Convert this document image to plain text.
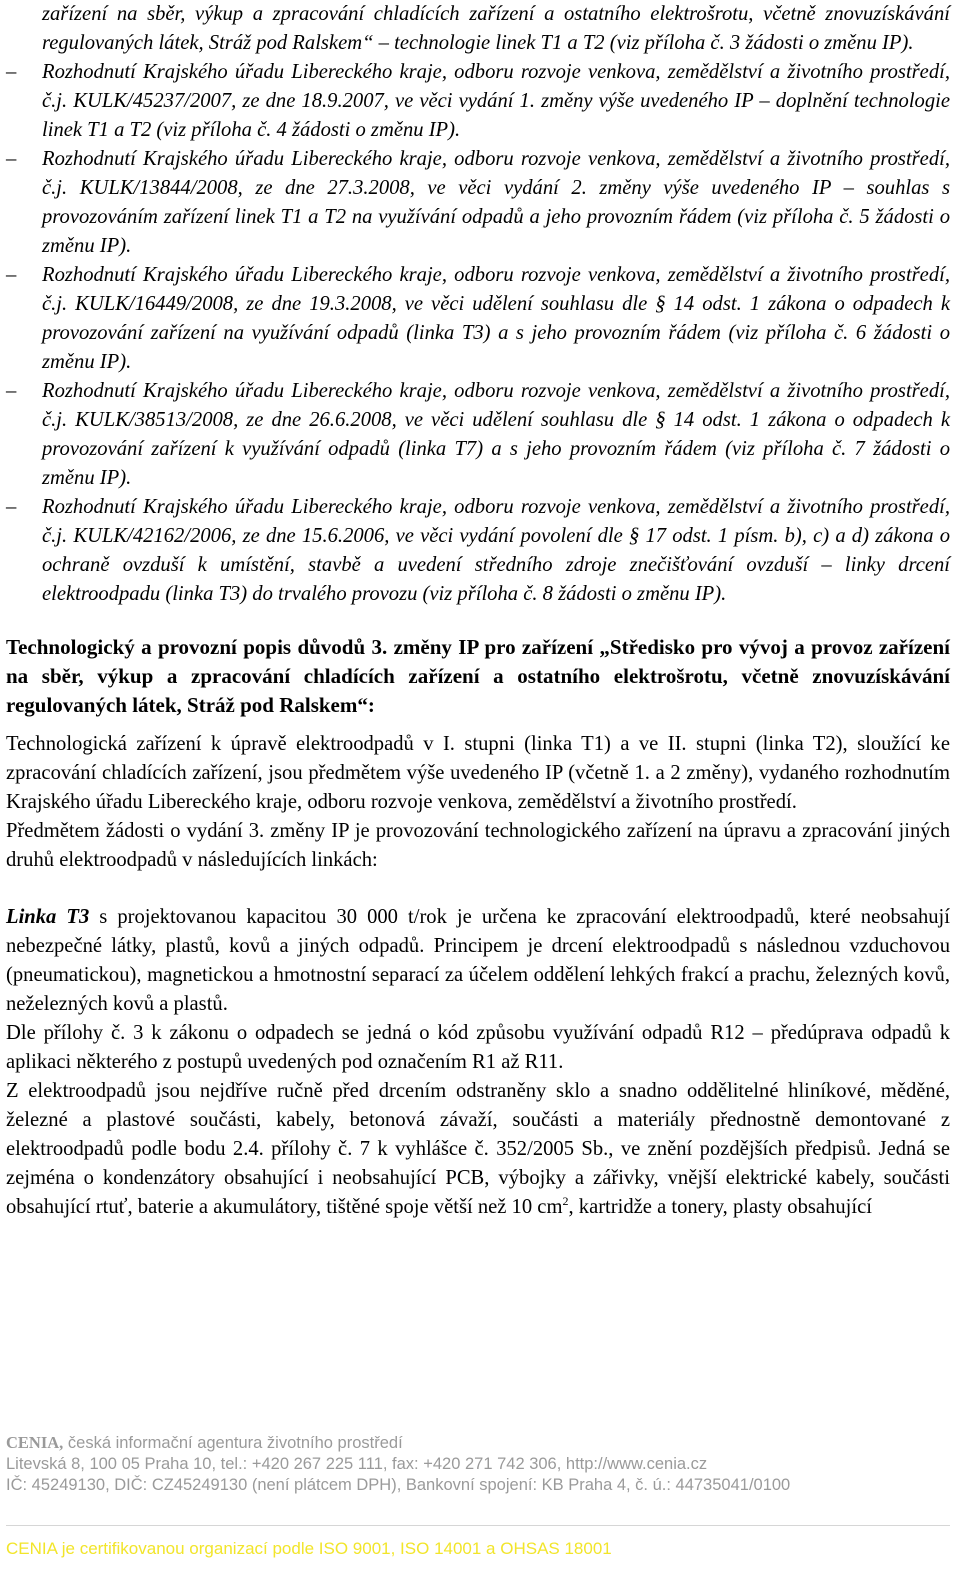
zařízení na sběr, výkup a zpracování chladících zařízení a ostatního elektrošrotu, včetně znovuzískávání regulovaných látek, Stráž pod Ralskem“ – technologie linek T1 a T2 (viz příloha č. 3 žádosti o změnu IP).

–	Rozhodnutí Krajského úřadu Libereckého kraje, odboru rozvoje venkova, zemědělství a životního prostředí, č.j. KULK/45237/2007, ze dne 18.9.2007, ve věci vydání 1. změny výše uvedeného IP – doplnění technologie linek T1 a T2 (viz příloha č. 4 žádosti o změnu IP).

–	Rozhodnutí Krajského úřadu Libereckého kraje, odboru rozvoje venkova, zemědělství a životního prostředí, č.j. KULK/13844/2008, ze dne 27.3.2008, ve věci vydání 2. změny výše uvedeného IP – souhlas s provozováním zařízení linek T1 a T2 na využívání odpadů a jeho provozním řádem (viz příloha č. 5 žádosti o změnu IP).

–	Rozhodnutí Krajského úřadu Libereckého kraje, odboru rozvoje venkova, zemědělství a životního prostředí, č.j. KULK/16449/2008, ze dne 19.3.2008, ve věci udělení souhlasu dle § 14 odst. 1 zákona o odpadech k provozování zařízení na využívání odpadů (linka T3) a s jeho provozním řádem (viz příloha č. 6 žádosti o změnu IP).

–	Rozhodnutí Krajského úřadu Libereckého kraje, odboru rozvoje venkova, zemědělství a životního prostředí, č.j. KULK/38513/2008, ze dne 26.6.2008, ve věci udělení souhlasu dle § 14 odst. 1 zákona o odpadech k provozování zařízení k využívání odpadů (linka T7) a s jeho provozním řádem (viz příloha č. 7 žádosti o změnu IP).

–	Rozhodnutí Krajského úřadu Libereckého kraje, odboru rozvoje venkova, zemědělství a životního prostředí, č.j. KULK/42162/2006, ze dne 15.6.2006, ve věci vydání povolení dle § 17 odst. 1 písm. b), c) a d) zákona o ochraně ovzduší k umístění, stavbě a uvedení středního zdroje znečišťování ovzduší – linky drcení elektroodpadu (linka T3) do trvalého provozu (viz příloha č. 8 žádosti o změnu IP).

Technologický a provozní popis důvodů 3. změny IP pro zařízení „Středisko pro vývoj a provoz zařízení na sběr, výkup a zpracování chladících zařízení a ostatního elektrošrotu, včetně znovuzískávání regulovaných látek, Stráž pod Ralskem“:

Technologická zařízení k úpravě elektroodpadů v I. stupni (linka T1) a ve II. stupni (linka T2), sloužící ke zpracování chladících zařízení, jsou předmětem výše uvedeného IP (včetně 1. a 2 změny), vydaného rozhodnutím Krajského úřadu Libereckého kraje, odboru rozvoje venkova, zemědělství a životního prostředí.

Předmětem žádosti o vydání 3. změny IP je provozování technologického zařízení na úpravu a zpracování jiných druhů elektroodpadů v následujících linkách:

Linka T3 s projektovanou kapacitou 30 000 t/rok je určena ke zpracování elektroodpadů, které neobsahují nebezpečné látky, plastů, kovů a jiných odpadů. Principem je drcení elektroodpadů s následnou vzduchovou (pneumatickou), magnetickou a hmotnostní separací za účelem oddělení lehkých frakcí a prachu, železných kovů, neželezných kovů a plastů.

Dle přílohy č. 3 k zákonu o odpadech se jedná o kód způsobu využívání odpadů R12 – předúprava odpadů k aplikaci některého z postupů uvedených pod označením R1 až R11.

Z elektroodpadů jsou nejdříve ručně před drcením odstraněny sklo a snadno oddělitelné hliníkové, měděné, železné a plastové součásti, kabely, betonová závaží, součásti a materiály přednostně demontované z elektroodpadů podle bodu 2.4. přílohy č. 7 k vyhlášce č. 352/2005 Sb., ve znění pozdějších předpisů. Jedná se zejména o kondenzátory obsahující i neobsahující PCB, výbojky a zářivky, vnější elektrické kabely, součásti obsahující rtuť, baterie a akumulátory, tištěné spoje větší než 10 $cm^2$, kartridže a tonery, plasty obsahující

CENIA, česká informační agentura životního prostředí
Litevská 8, 100 05 Praha 10, tel.: +420 267 225 111, fax: +420 271 742 306, http://www.cenia.cz
IČ: 45249130, DIČ: CZ45249130 (není plátcem DPH), Bankovní spojení: KB Praha 4, č. ú.: 44735041/0100
CENIA je certifikovanou organizací podle ISO 9001, ISO 14001 a OHSAS 18001
